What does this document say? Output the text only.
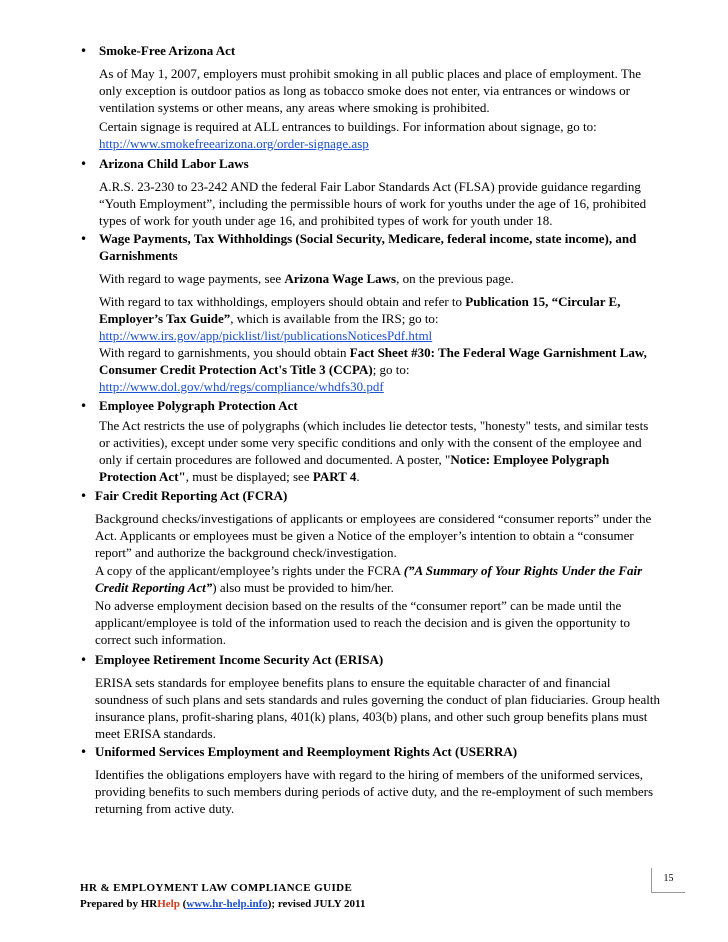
• Smoke-Free Arizona Act
As of May 1, 2007, employers must prohibit smoking in all public places and place of employment. The only exception is outdoor patios as long as tobacco smoke does not enter, via entrances or windows or ventilation systems or other means, any areas where smoking is prohibited.
Certain signage is required at ALL entrances to buildings. For information about signage, go to:
http://www.smokefreearizona.org/order-signage.asp
• Arizona Child Labor Laws
A.R.S. 23-230 to 23-242 AND the federal Fair Labor Standards Act (FLSA) provide guidance regarding “Youth Employment”, including the permissible hours of work for youths under the age of 16, prohibited types of work for youth under age 16, and prohibited types of work for youth under 18.
• Wage Payments, Tax Withholdings (Social Security, Medicare, federal income, state income), and Garnishments
With regard to wage payments, see Arizona Wage Laws, on the previous page.
With regard to tax withholdings, employers should obtain and refer to Publication 15, “Circular E, Employer’s Tax Guide”, which is available from the IRS; go to:
http://www.irs.gov/app/picklist/list/publicationsNoticesPdf.html
With regard to garnishments, you should obtain Fact Sheet #30: The Federal Wage Garnishment Law, Consumer Credit Protection Act's Title 3 (CCPA); go to:
http://www.dol.gov/whd/regs/compliance/whdfs30.pdf
• Employee Polygraph Protection Act
The Act restricts the use of polygraphs (which includes lie detector tests, "honesty" tests, and similar tests or activities), except under some very specific conditions and only with the consent of the employee and only if certain procedures are followed and documented. A poster, "Notice: Employee Polygraph Protection Act", must be displayed; see PART 4.
• Fair Credit Reporting Act (FCRA)
Background checks/investigations of applicants or employees are considered “consumer reports” under the Act. Applicants or employees must be given a Notice of the employer’s intention to obtain a “consumer report” and authorize the background check/investigation.
A copy of the applicant/employee’s rights under the FCRA (”A Summary of Your Rights Under the Fair Credit Reporting Act”) also must be provided to him/her.
No adverse employment decision based on the results of the “consumer report” can be made until the applicant/employee is told of the information used to reach the decision and is given the opportunity to correct such information.
• Employee Retirement Income Security Act (ERISA)
ERISA sets standards for employee benefits plans to ensure the equitable character of and financial soundness of such plans and sets standards and rules governing the conduct of plan fiduciaries. Group health insurance plans, profit-sharing plans, 401(k) plans, 403(b) plans, and other such group benefits plans must meet ERISA standards.
• Uniformed Services Employment and Reemployment Rights Act (USERRA)
Identifies the obligations employers have with regard to the hiring of members of the uniformed services, providing benefits to such members during periods of active duty, and the re-employment of such members returning from active duty.
15
HR & EMPLOYMENT LAW COMPLIANCE GUIDE
Prepared by HRHelp (www.hr-help.info); revised JULY 2011
